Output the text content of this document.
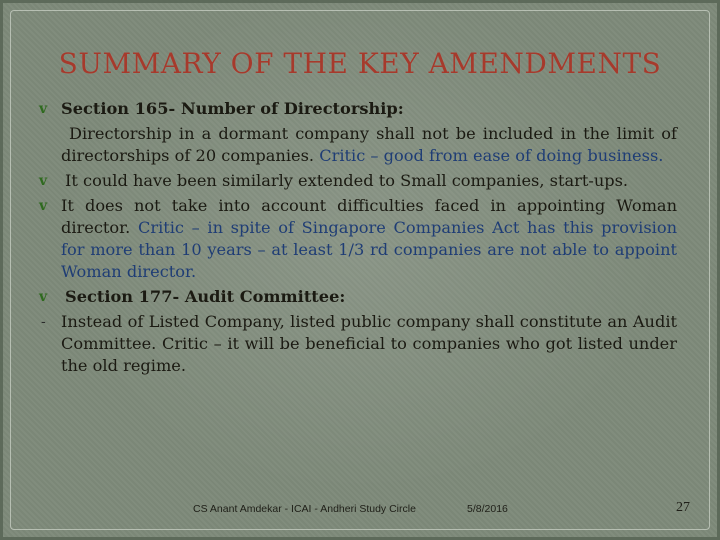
SUMMARY OF THE KEY AMENDMENTS
v Section 165- Number of Directorship:
Directorship in a dormant company shall not be included in the limit of directorships of 20 companies. Critic – good from ease of doing business.
v It could have been similarly extended to Small companies, start-ups.
v It does not take into account difficulties faced in appointing Woman director. Critic – in spite of Singapore Companies Act has this provision for more than 10 years – at least 1/3 rd companies are not able to appoint Woman director.
v Section 177- Audit Committee:
- Instead of Listed Company, listed public company shall constitute an Audit Committee. Critic – it will be beneficial to companies who got listed under the old regime.
CS Anant Amdekar - ICAI - Andheri Study Circle	5/8/2016	27
